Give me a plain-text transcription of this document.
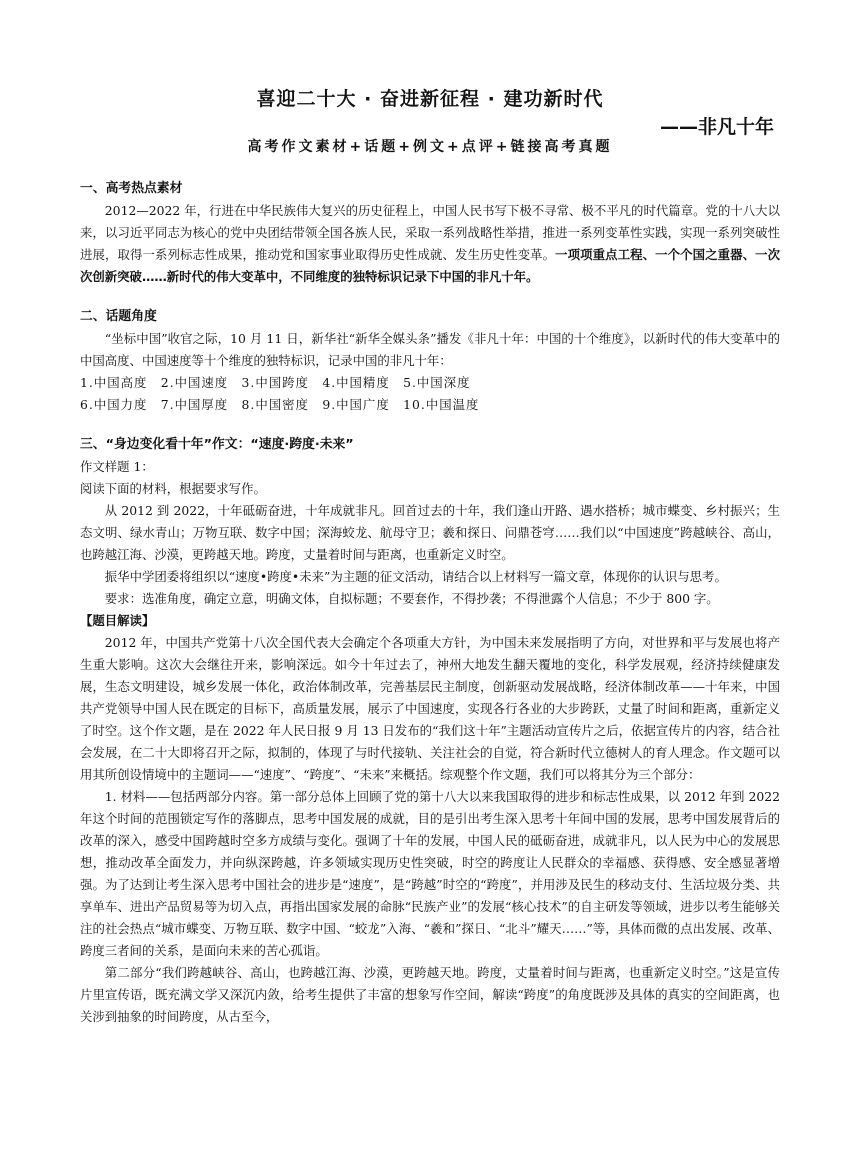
喜迎二十大 · 奋进新征程 · 建功新时代
——非凡十年
高考作文素材+话题+例文+点评+链接高考真题
一、高考热点素材

2012—2022 年，行进在中华民族伟大复兴的历史征程上，中国人民书写下极不寻常、极不平凡的时代篇章。党的十八大以来，以习近平同志为核心的党中央团结带领全国各族人民，采取一系列战略性举措，推进一系列变革性实践，实现一系列突破性进展，取得一系列标志性成果，推动党和国家事业取得历史性成就、发生历史性变革。一项项重点工程、一个个国之重器、一次次创新突破……新时代的伟大变革中，不同维度的独特标识记录下中国的非凡十年。

二、话题角度

“坐标中国”收官之际，10 月 11 日，新华社“新华全媒头条”播发《非凡十年：中国的十个维度》，以新时代的伟大变革中的中国高度、中国速度等十个维度的独特标识，记录中国的非凡十年：

1.中国高度　2.中国速度　3.中国跨度　4.中国精度　5.中国深度

6.中国力度　7.中国厚度　8.中国密度　9.中国广度　10.中国温度

三、“身边变化看十年”作文：“速度·跨度·未来”

作文样题 1：

阅读下面的材料，根据要求写作。

从 2012 到 2022，十年砥砺奋进，十年成就非凡。回首过去的十年，我们逢山开路、遇水搭桥；城市蝶变、乡村振兴；生态文明、绿水青山；万物互联、数字中国；深海蛟龙、航母守卫；羲和探日、问鼎苍穹……我们以“中国速度”跨越峡谷、高山，也跨越江海、沙漠，更跨越天地。跨度，丈量着时间与距离，也重新定义时空。

振华中学团委将组织以“速度•跨度•未来”为主题的征文活动，请结合以上材料写一篇文章，体现你的认识与思考。

要求：选准角度，确定立意，明确文体，自拟标题；不要套作，不得抄袭；不得泄露个人信息；不少于 800 字。

【题目解读】

2012 年，中国共产党第十八次全国代表大会确定个各项重大方针，为中国未来发展指明了方向，对世界和平与发展也将产生重大影响。这次大会继往开来，影响深远。如今十年过去了，神州大地发生翻天覆地的变化，科学发展观，经济持续健康发展，生态文明建设，城乡发展一体化，政治体制改革，完善基层民主制度，创新驱动发展战略，经济体制改革——十年来，中国共产党领导中国人民在既定的目标下，高质量发展，展示了中国速度，实现各行各业的大步跨跃，丈量了时间和距离，重新定义了时空。这个作文题，是在 2022 年人民日报 9 月 13 日发布的“我们这十年”主题活动宣传片之后，依据宣传片的内容，结合社会发展，在二十大即将召开之际，拟制的，体现了与时代接轨、关注社会的自觉，符合新时代立德树人的育人理念。作文题可以用其所创设情境中的主题词——“速度”、“跨度”、“未来”来概括。综观整个作文题，我们可以将其分为三个部分：

1. 材料——包括两部分内容。第一部分总体上回顾了党的第十八大以来我国取得的进步和标志性成果，以 2012 年到 2022 年这个时间的范围锁定写作的落脚点，思考中国发展的成就，目的是引出考生深入思考十年间中国的发展，思考中国发展背后的改革的深入，感受中国跨越时空多方成绩与变化。强调了十年的发展，中国人民的砥砺奋进，成就非凡，以人民为中心的发展思想，推动改革全面发力，并向纵深跨越，许多领域实现历史性突破，时空的跨度让人民群众的幸福感、获得感、安全感显著增强。为了达到让考生深入思考中国社会的进步是“速度”，是“跨越”时空的“跨度”，并用涉及民生的移动支付、生活垃圾分类、共享单车、进出产品贸易等为切入点，再指出国家发展的命脉“民族产业”的发展“核心技术”的自主研发等领域，进步以考生能够关注的社会热点“城市蝶变、万物互联、数字中国、“蛟龙”入海、“羲和”探日、“北斗”耀天……”等，具体而微的点出发展、改革、跨度三者间的关系，是面向未来的苦心孤诣。

第二部分“我们跨越峡谷、高山，也跨越江海、沙漠，更跨越天地。跨度，丈量着时间与距离，也重新定义时空。”这是宣传片里宣传语，既充满文学又深沉内敛，给考生提供了丰富的想象写作空间，解读“跨度”的角度既涉及具体的真实的空间距离，也关涉到抽象的时间跨度，从古至今，
